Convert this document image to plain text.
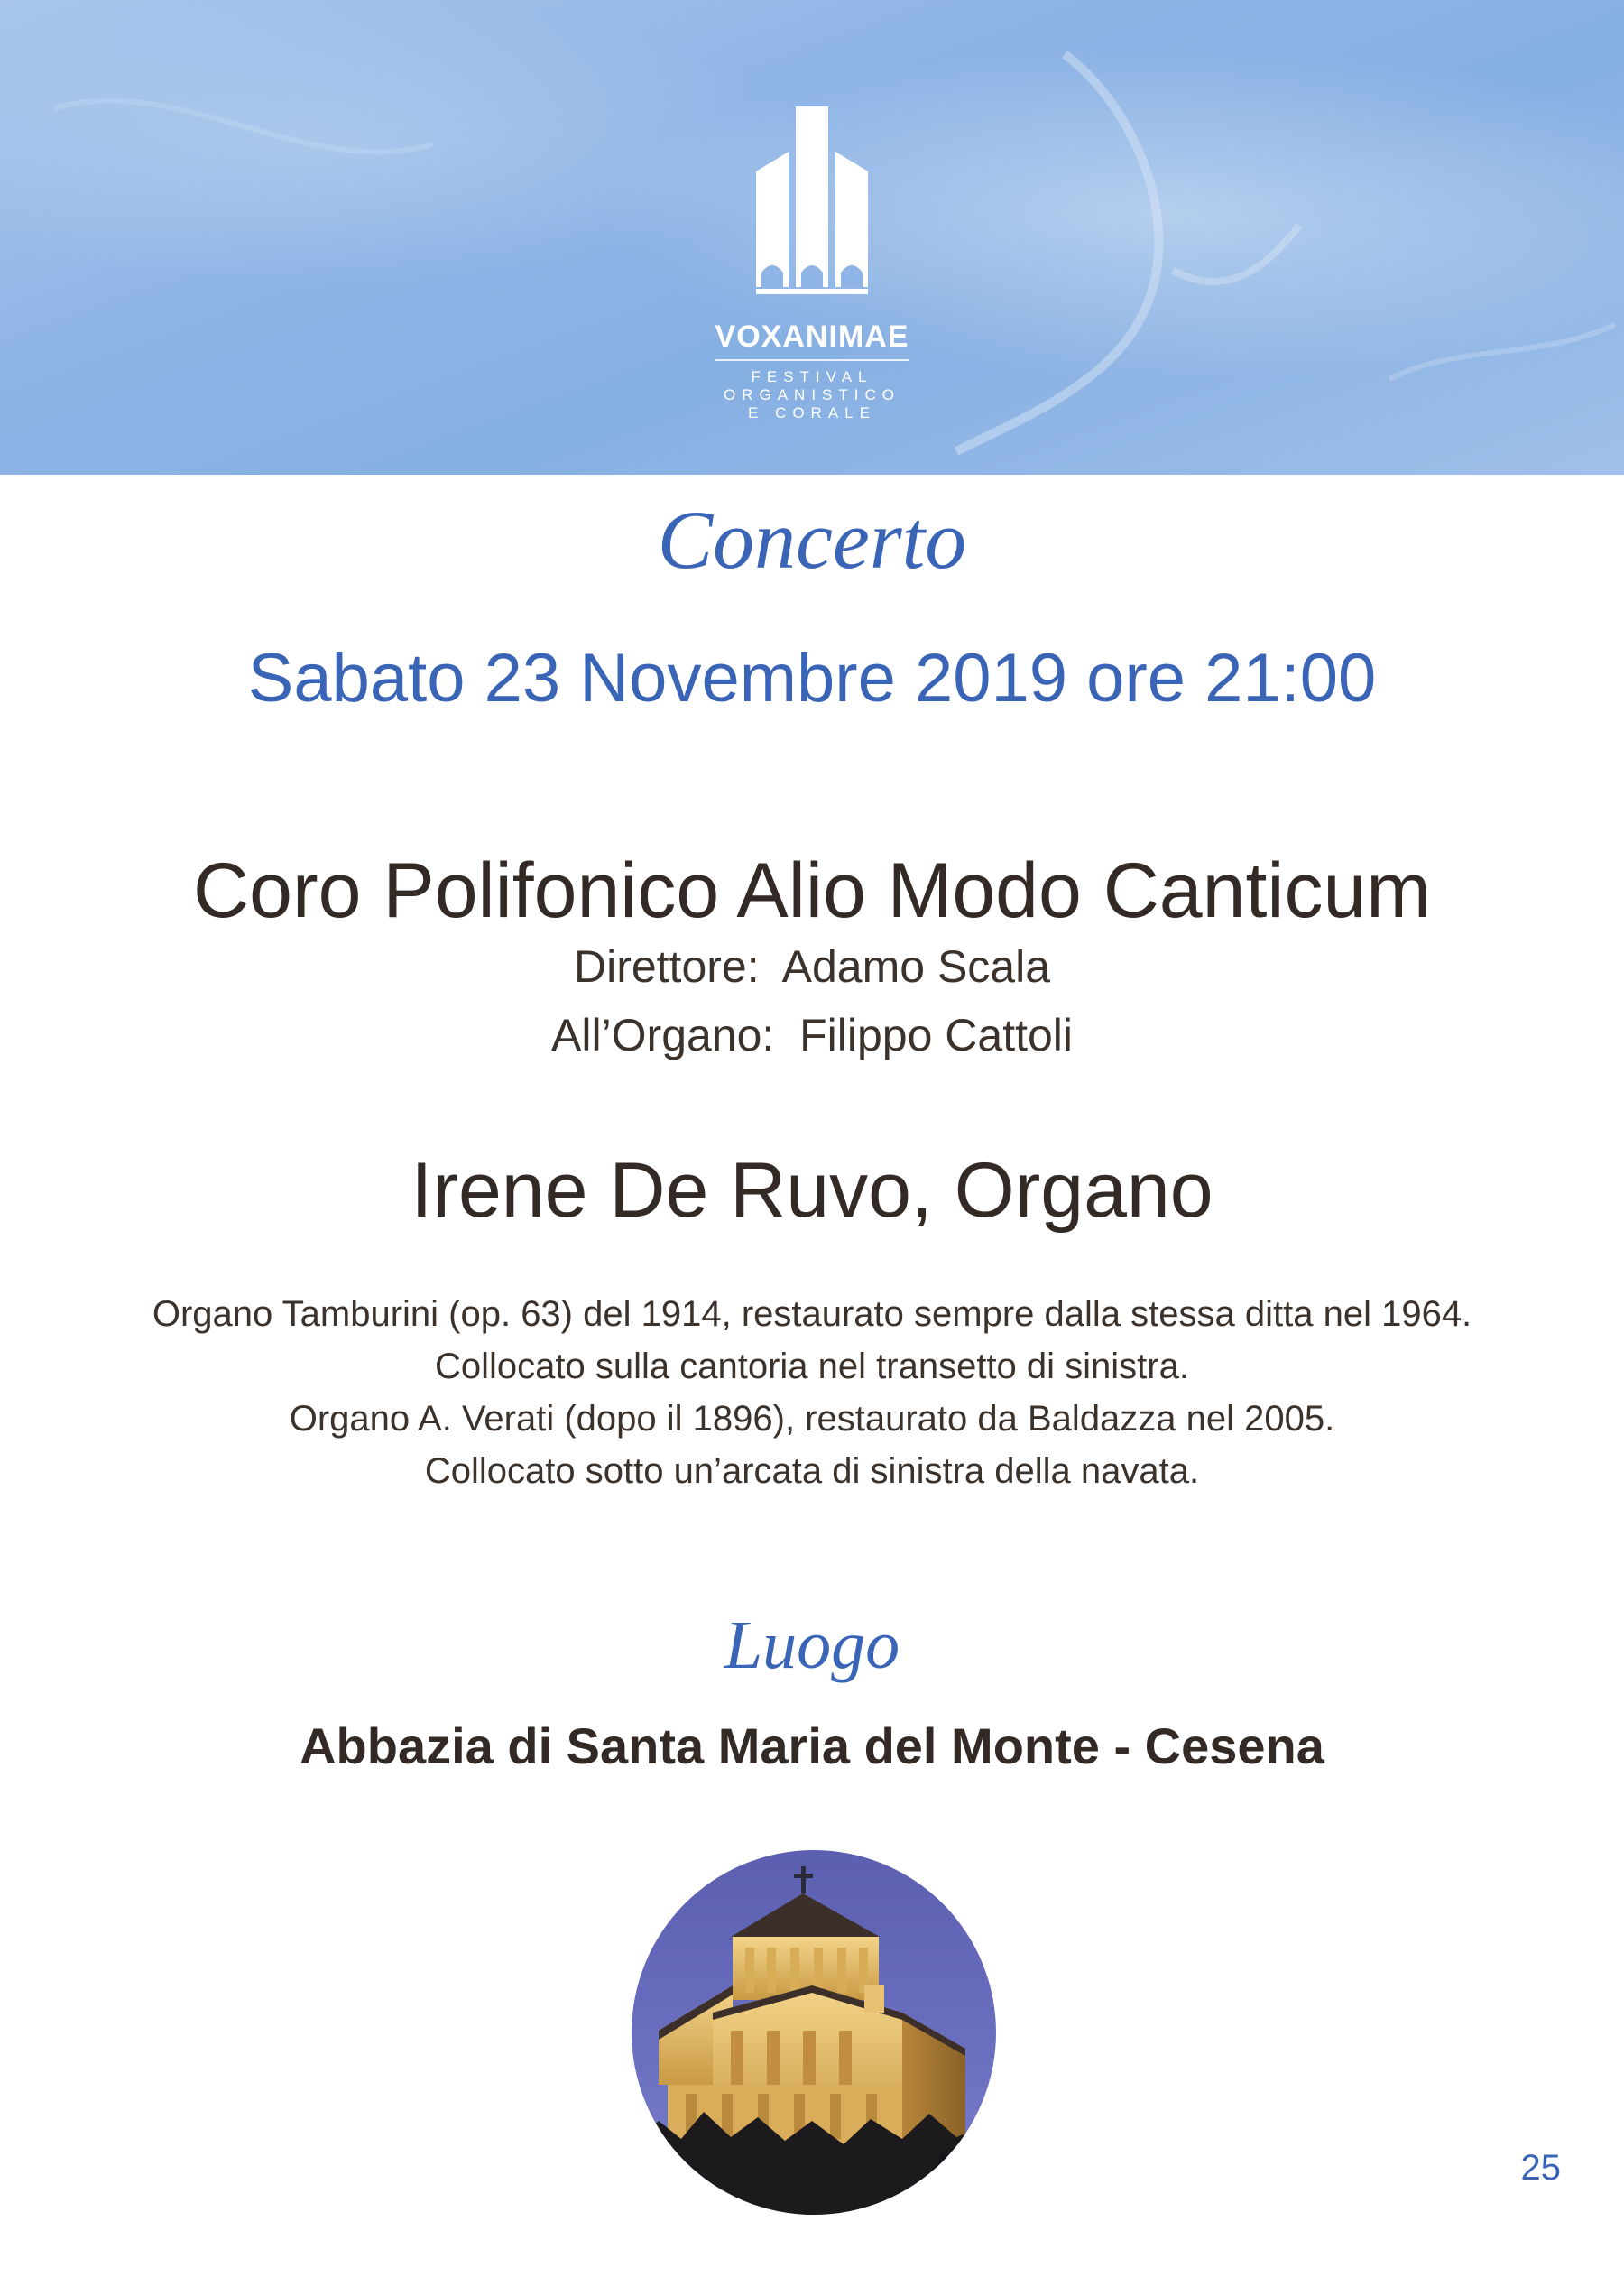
VOXANIMAE

FESTIVAL

ORGANISTICO

E CORALE

Concerto

Sabato 23 Novembre 2019 ore 21:00

Coro Polifonico Alio Modo Canticum

Direttore:  Adamo Scala

All’Organo:  Filippo Cattoli

Irene De Ruvo, Organo

Organo Tamburini (op. 63) del 1914, restaurato sempre dalla stessa ditta nel 1964.

Collocato sulla cantoria nel transetto di sinistra.

Organo A. Verati (dopo il 1896), restaurato da Baldazza nel 2005.

Collocato sotto un’arcata di sinistra della navata.

Luogo

Abbazia di Santa Maria del Monte - Cesena

25
